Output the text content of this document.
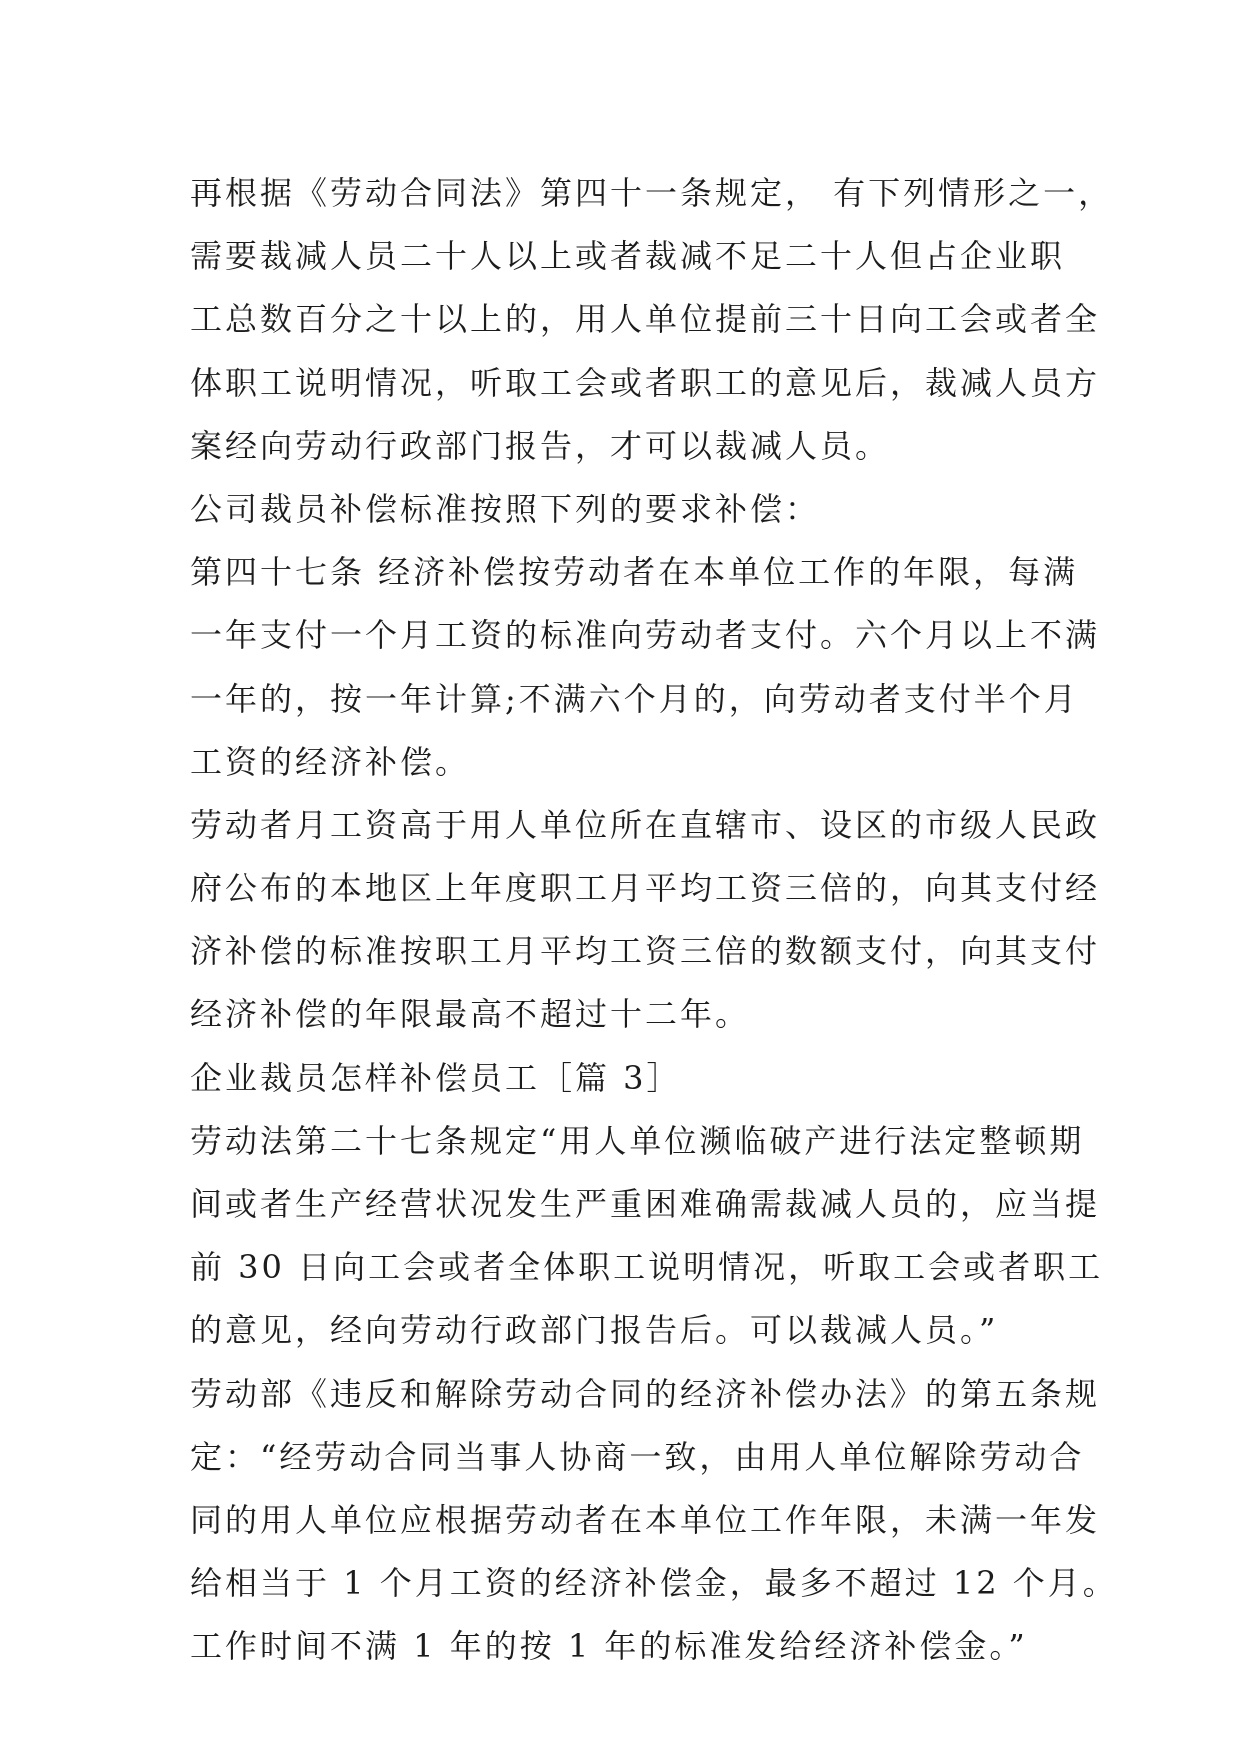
再根据《劳动合同法》第四十一条规定， 有下列情形之一，
需要裁减人员二十人以上或者裁减不足二十人但占企业职
工总数百分之十以上的，用人单位提前三十日向工会或者全
体职工说明情况，听取工会或者职工的意见后，裁减人员方
案经向劳动行政部门报告，才可以裁减人员。
公司裁员补偿标准按照下列的要求补偿：
第四十七条 经济补偿按劳动者在本单位工作的年限，每满
一年支付一个月工资的标准向劳动者支付。六个月以上不满
一年的，按一年计算;不满六个月的，向劳动者支付半个月
工资的经济补偿。
劳动者月工资高于用人单位所在直辖市、设区的市级人民政
府公布的本地区上年度职工月平均工资三倍的，向其支付经
济补偿的标准按职工月平均工资三倍的数额支付，向其支付
经济补偿的年限最高不超过十二年。
企业裁员怎样补偿员工［篇 3］
劳动法第二十七条规定“用人单位濒临破产进行法定整顿期
间或者生产经营状况发生严重困难确需裁减人员的，应当提
前 30 日向工会或者全体职工说明情况，听取工会或者职工
的意见，经向劳动行政部门报告后。可以裁减人员。”
劳动部《违反和解除劳动合同的经济补偿办法》的第五条规
定：“经劳动合同当事人协商一致，由用人单位解除劳动合
同的用人单位应根据劳动者在本单位工作年限，未满一年发
给相当于 1 个月工资的经济补偿金，最多不超过 12 个月。
工作时间不满 1 年的按 1 年的标准发给经济补偿金。”
